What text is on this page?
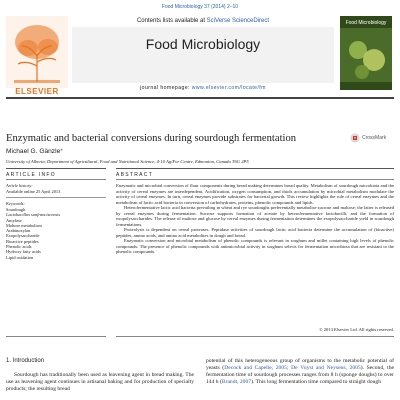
Food Microbiology 37 (2014) 2–10
ELSEVIER
Contents lists available at SciVerse ScienceDirect
Food Microbiology
journal homepage: www.elsevier.com/locate/fm
Food Microbiology
Enzymatic and bacterial conversions during sourdough fermentation	CrossMark
Michael G. Gänzle*
University of Alberta, Department of Agricultural, Food and Nutritional Science, 4-10 Ag/For Centre, Edmonton, Canada T6G 2P5
ARTICLE INFO	ABSTRACT
Article history:
Available online 25 April 2013
Keywords:
Sourdough
Lactobacillus sanfranciscensis
Amylase
Maltose metabolism
Arabinoxylan
Exopolysaccharide
Bioactive peptides
Phenolic acids
Hydroxy fatty acids
Lipid oxidation

Enzymatic and microbial conversion of flour components during bread making determines bread quality. Metabolism of sourdough microbiota and the activity of cereal enzymes are interdependent. Acidification, oxygen consumption, and thiols accumulation by microbial metabolism modulate the activity of cereal enzymes. In turn, cereal enzymes provide substrates for bacterial growth. This review highlights the role of cereal enzymes and the metabolism of lactic acid bacteria in conversion of carbohydrates, proteins, phenolic compounds and lipids.

Heterofermentative lactic acid bacteria prevailing in wheat and rye sourdoughs preferentially metabolise sucrose and maltose; the latter is released by cereal enzymes during fermentation. Sucrose supports formation of acetate by heterofermentative lactobacilli, and the formation of exopolysaccharides. The release of maltose and glucose by cereal enzymes during fermentation determines the exopolysaccharide yield in sourdough fermentations.

Proteolysis is dependent on cereal proteases. Peptidase activities of sourdough lactic acid bacteria determine the accumulation of (bioactive) peptides, amino acids, and amino acid metabolites in dough and bread.

Enzymatic conversion and microbial metabolism of phenolic compounds is relevant in sorghum and millet containing high levels of phenolic compounds. The presence of phenolic compounds with antimicrobial activity in sorghum selects for fermentation microbiota that are resistant to the phenolic compounds.

© 2013 Elsevier Ltd. All rights reserved.
1. Introduction

Sourdough has traditionally been used as leavening agent in bread making. The use as leavening agent continues in artisanal baking and for production of specialty products; the resulting bread

potential of this heterogeneous group of organisms to the metabolic potential of yeasts (Decock and Capelle, 2005; De Vuyst and Neysens, 2005). Second, the fermentation time of sourdough processes ranges from 8 h (sponge doughs) to over 144 h (Brandt, 2007). This long fermentation time compared to straight dough
